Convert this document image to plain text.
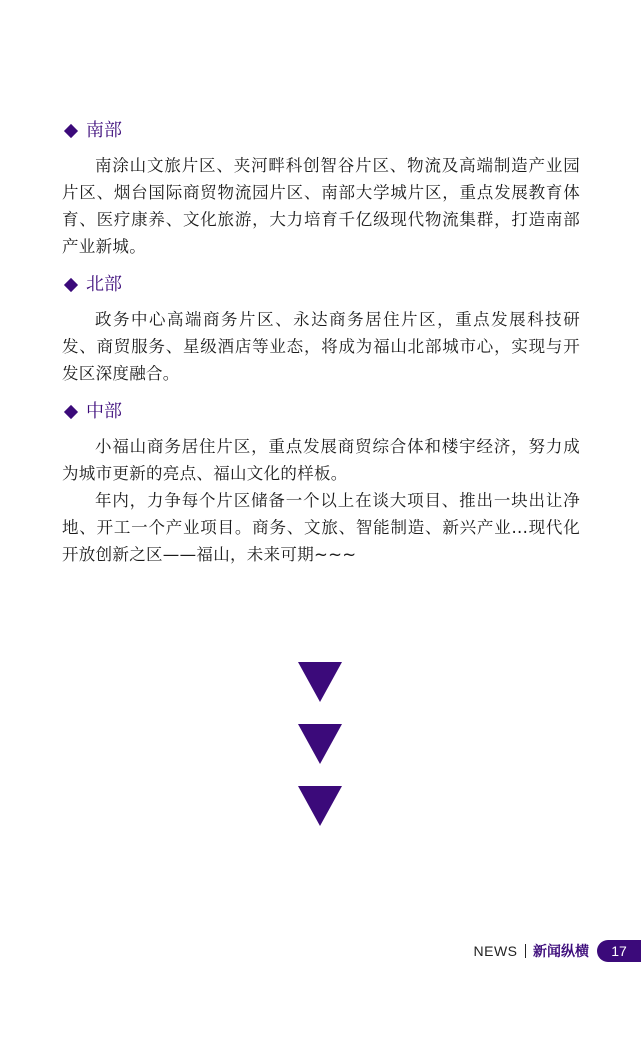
南部

南涂山文旅片区、夹河畔科创智谷片区、物流及高端制造产业园片区、烟台国际商贸物流园片区、南部大学城片区，重点发展教育体育、医疗康养、文化旅游，大力培育千亿级现代物流集群，打造南部产业新城。

北部

政务中心高端商务片区、永达商务居住片区，重点发展科技研发、商贸服务、星级酒店等业态，将成为福山北部城市心，实现与开发区深度融合。

中部

小福山商务居住片区，重点发展商贸综合体和楼宇经济，努力成为城市更新的亮点、福山文化的样板。

年内，力争每个片区储备一个以上在谈大项目、推出一块出让净地、开工一个产业项目。商务、文旅、智能制造、新兴产业...现代化开放创新之区——福山，未来可期~~~

NEWS 新闻纵横	17
